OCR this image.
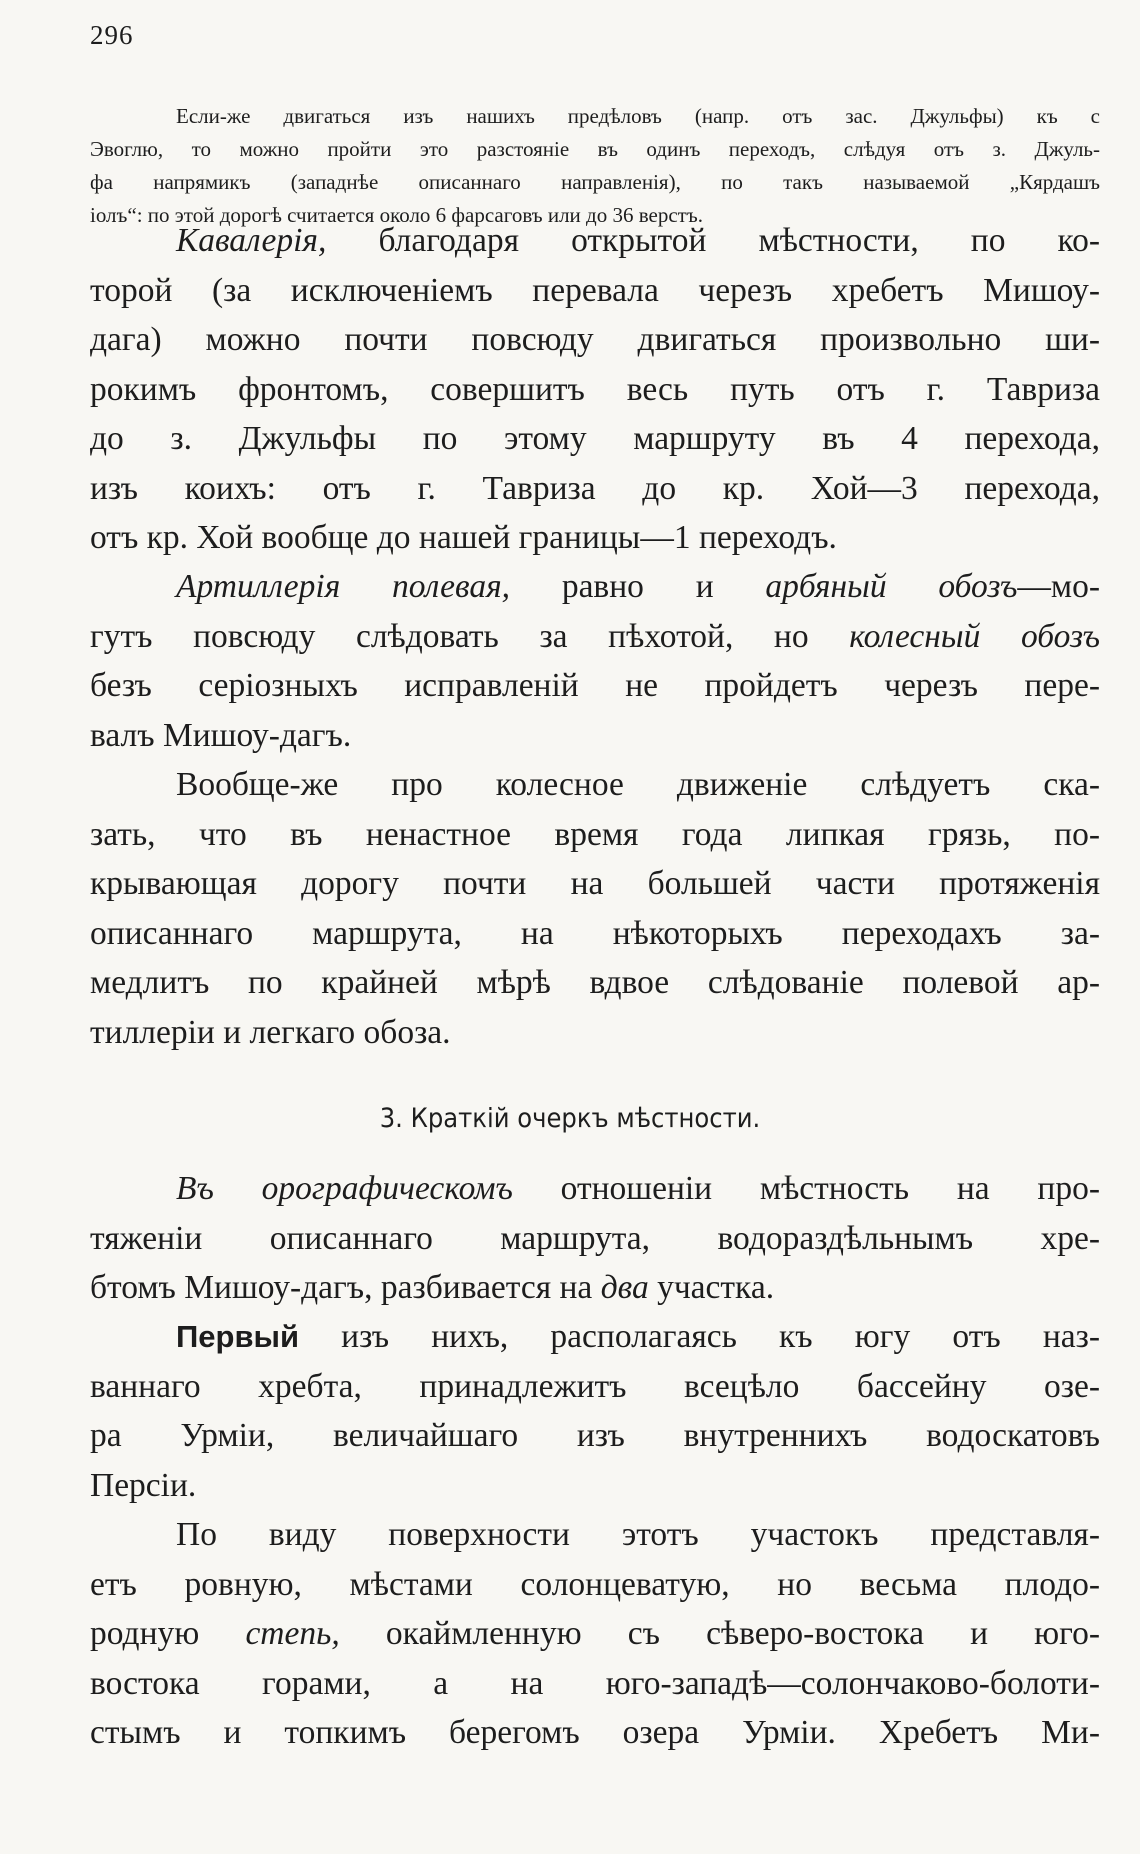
296
Если-же двигаться изъ нашихъ предѣловъ (напр. отъ зас. Джульфы) къ с
Эвоглю, то можно пройти это разстояніе въ одинъ переходъ, слѣдуя отъ з. Джуль-
фа напрямикъ (западнѣе описаннаго направленія), по такъ называемой „Кярдашъ
іолъ“: по этой дорогѣ считается около 6 фарсаговъ или до 36 верстъ.
Кавалерія, благодаря открытой мѣстности, по ко-
торой (за исключеніемъ перевала черезъ хребетъ Мишоу-
дага) можно почти повсюду двигаться произвольно ши-
рокимъ фронтомъ, совершитъ весь путь отъ г. Тавриза
до з. Джульфы по этому маршруту въ 4 перехода,
изъ коихъ: отъ г. Тавриза до кр. Хой—3 перехода,
отъ кр. Хой вообще до нашей границы—1 переходъ.
Артиллерія полевая, равно и арбяный обозъ—мо-
гутъ повсюду слѣдовать за пѣхотой, но колесный обозъ
безъ серіозныхъ исправленій не пройдетъ черезъ пере-
валъ Мишоу-дагъ.
Вообще-же про колесное движеніе слѣдуетъ ска-
зать, что въ ненастное время года липкая грязь, по-
крывающая дорогу почти на большей части протяженія
описаннаго маршрута, на нѣкоторыхъ переходахъ за-
медлитъ по крайней мѣрѣ вдвое слѣдованіе полевой ар-
тиллеріи и легкаго обоза.
3. Краткій очеркъ мѣстности.
Въ орографическомъ отношеніи мѣстность на про-
тяженіи описаннаго маршрута, водораздѣльнымъ хре-
бтомъ Мишоу-дагъ, разбивается на два участка.
Первый изъ нихъ, располагаясь къ югу отъ наз-
ваннаго хребта, принадлежитъ всецѣло бассейну озе-
ра Урміи, величайшаго изъ внутреннихъ водоскатовъ
Персіи.
По виду поверхности этотъ участокъ представля-
етъ ровную, мѣстами солонцеватую, но весьма плодо-
родную степь, окаймленную съ сѣверо-востока и юго-
востока горами, а на юго-западѣ—солончаково-болоти-
стымъ и топкимъ берегомъ озера Урміи. Хребетъ Ми-
